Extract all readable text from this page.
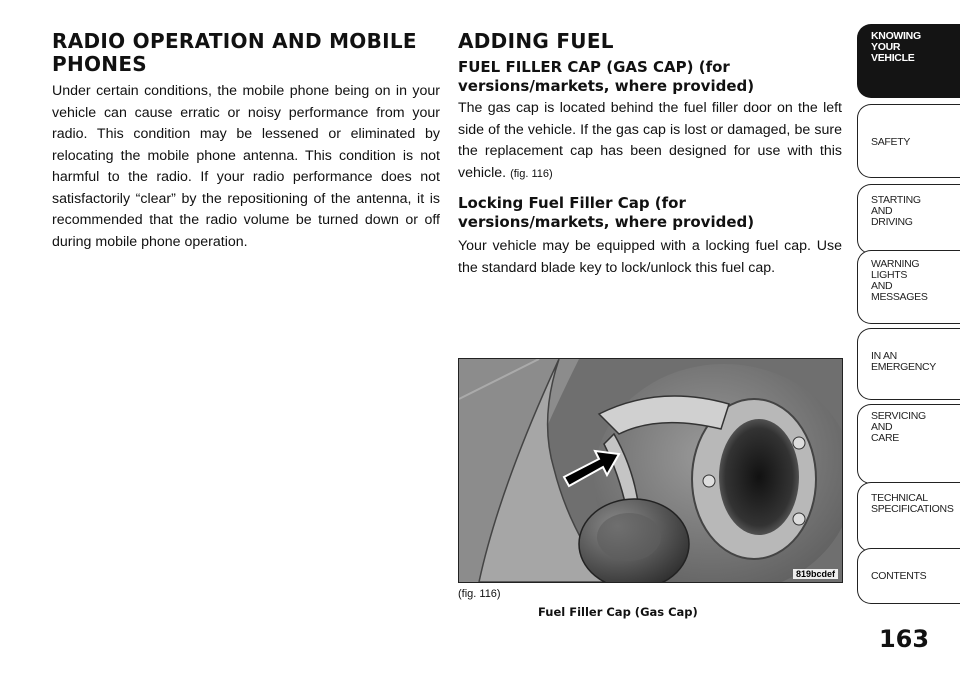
RADIO OPERATION AND MOBILE
PHONES

Under certain conditions, the mobile phone being on in your vehicle can cause erratic or noisy performance from your radio. This condition may be lessened or eliminated by relocating the mobile phone antenna. This condition is not harmful to the radio. If your radio performance does not satisfactorily “clear” by the repositioning of the antenna, it is recommended that the radio volume be turned down or off during mobile phone operation.

ADDING FUEL
FUEL FILLER CAP (GAS CAP) (for
versions/markets, where provided)

The gas cap is located behind the fuel filler door on the left side of the vehicle. If the gas cap is lost or damaged, be sure the replacement cap has been designed for use with this vehicle. (fig. 116)

Locking Fuel Filler Cap (for versions/markets, where provided)

Your vehicle may be equipped with a locking fuel cap. Use the standard blade key to lock/unlock this fuel cap.

819bcdef
(fig. 116)
Fuel Filler Cap (Gas Cap)
KNOWING
YOUR
VEHICLE
SAFETY
STARTING
AND
DRIVING
WARNING
LIGHTS
AND
MESSAGES
IN AN
EMERGENCY
SERVICING
AND
CARE
TECHNICAL
SPECIFICATIONS
CONTENTS
163
